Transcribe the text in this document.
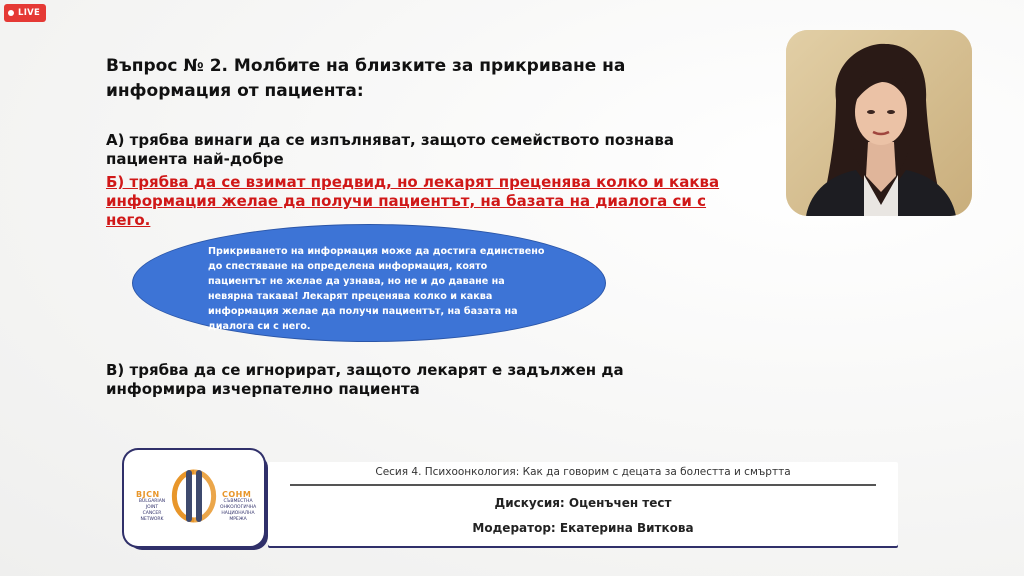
LIVE
Въпрос № 2. Молбите на близките за прикриване на информация от пациента:
А) трябва винаги да се изпълняват, защото семейството познава пациента най-добре
Б) трябва да се взимат предвид, но лекарят преценява колко и каква информация желае да получи пациентът, на базата на диалога си с него.
Прикриването на информация може да достига единствено до спестяване на определена информация, която пациентът не желае да узнава, но не и до даване на невярна такава! Лекарят преценява колко и каква информация желае да получи пациентът, на базата на диалога си с него.
В) трябва да се игнорират, защото лекарят е задължен да информира изчерпателно пациента
BJCN
BULGARIAN
JOINT
CANCER
NETWORK
СОНМ
СЪВМЕСТНА
ОНКОЛОГИЧНА
НАЦИОНАЛНА
МРЕЖА
Сесия 4. Психоонкология: Как да говорим с децата за болестта и смъртта
Дискусия: Оценъчен тест
Модератор: Екатерина Виткова
